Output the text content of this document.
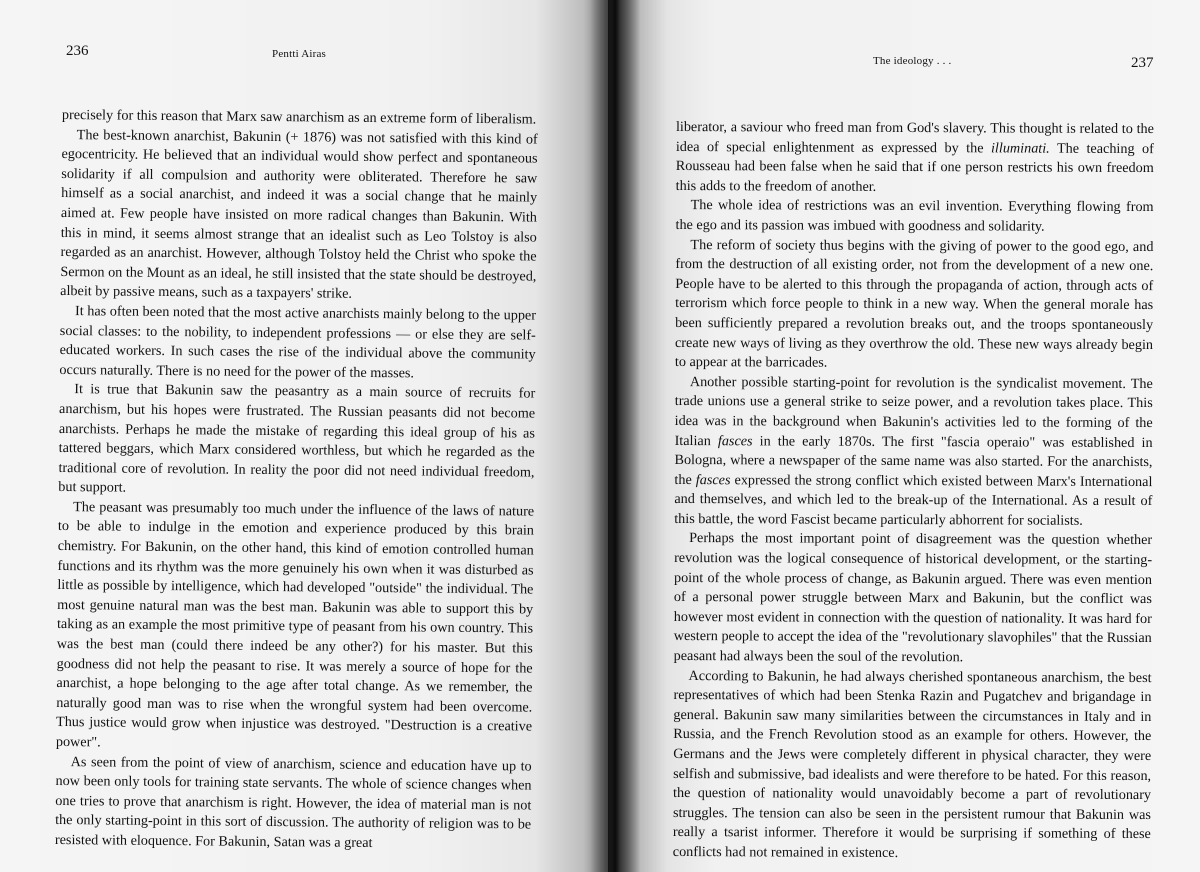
236	Pentti Airas

precisely for this reason that Marx saw anarchism as an extreme form of liberalism.

The best-known anarchist, Bakunin (+ 1876) was not satisfied with this kind of egocentricity. He believed that an individual would show perfect and spontaneous solidarity if all compulsion and authority were obliterated. Therefore he saw himself as a social anarchist, and indeed it was a social change that he mainly aimed at. Few people have insisted on more radical changes than Bakunin. With this in mind, it seems almost strange that an idealist such as Leo Tolstoy is also regarded as an anarchist. However, although Tolstoy held the Christ who spoke the Sermon on the Mount as an ideal, he still insisted that the state should be destroyed, albeit by passive means, such as a taxpayers' strike.

It has often been noted that the most active anarchists mainly belong to the upper social classes: to the nobility, to independent professions — or else they are self-educated workers. In such cases the rise of the individual above the community occurs naturally. There is no need for the power of the masses.

It is true that Bakunin saw the peasantry as a main source of recruits for anarchism, but his hopes were frustrated. The Russian peasants did not become anarchists. Perhaps he made the mistake of regarding this ideal group of his as tattered beggars, which Marx considered worthless, but which he regarded as the traditional core of revolution. In reality the poor did not need individual freedom, but support.

The peasant was presumably too much under the influence of the laws of nature to be able to indulge in the emotion and experience produced by this brain chemistry. For Bakunin, on the other hand, this kind of emotion controlled human functions and its rhythm was the more genuinely his own when it was disturbed as little as possible by intelligence, which had developed "outside" the individual. The most genuine natural man was the best man. Bakunin was able to support this by taking as an example the most primitive type of peasant from his own country. This was the best man (could there indeed be any other?) for his master. But this goodness did not help the peasant to rise. It was merely a source of hope for the anarchist, a hope belonging to the age after total change. As we remember, the naturally good man was to rise when the wrongful system had been overcome. Thus justice would grow when injustice was destroyed. "Destruction is a creative power".

As seen from the point of view of anarchism, science and education have up to now been only tools for training state servants. The whole of science changes when one tries to prove that anarchism is right. However, the idea of material man is not the only starting-point in this sort of discussion. The authority of religion was to be resisted with eloquence. For Bakunin, Satan was a great

The ideology . . .	237

liberator, a saviour who freed man from God's slavery. This thought is related to the idea of special enlightenment as expressed by the illuminati. The teaching of Rousseau had been false when he said that if one person restricts his own freedom this adds to the freedom of another.

The whole idea of restrictions was an evil invention. Everything flowing from the ego and its passion was imbued with goodness and solidarity.

The reform of society thus begins with the giving of power to the good ego, and from the destruction of all existing order, not from the development of a new one. People have to be alerted to this through the propaganda of action, through acts of terrorism which force people to think in a new way. When the general morale has been sufficiently prepared a revolution breaks out, and the troops spontaneously create new ways of living as they overthrow the old. These new ways already begin to appear at the barricades.

Another possible starting-point for revolution is the syndicalist movement. The trade unions use a general strike to seize power, and a revolution takes place. This idea was in the background when Bakunin's activities led to the forming of the Italian fasces in the early 1870s. The first "fascia operaio" was established in Bologna, where a newspaper of the same name was also started. For the anarchists, the fasces expressed the strong conflict which existed between Marx's International and themselves, and which led to the break-up of the International. As a result of this battle, the word Fascist became particularly abhorrent for socialists.

Perhaps the most important point of disagreement was the question whether revolution was the logical consequence of historical development, or the starting-point of the whole process of change, as Bakunin argued. There was even mention of a personal power struggle between Marx and Bakunin, but the conflict was however most evident in connection with the question of nationality. It was hard for western people to accept the idea of the "revolutionary slavophiles" that the Russian peasant had always been the soul of the revolution.

According to Bakunin, he had always cherished spontaneous anarchism, the best representatives of which had been Stenka Razin and Pugatchev and brigandage in general. Bakunin saw many similarities between the circumstances in Italy and in Russia, and the French Revolution stood as an example for others. However, the Germans and the Jews were completely different in physical character, they were selfish and submissive, bad idealists and were therefore to be hated. For this reason, the question of nationality would unavoidably become a part of revolutionary struggles. The tension can also be seen in the persistent rumour that Bakunin was really a tsarist informer. Therefore it would be surprising if something of these conflicts had not remained in existence.
